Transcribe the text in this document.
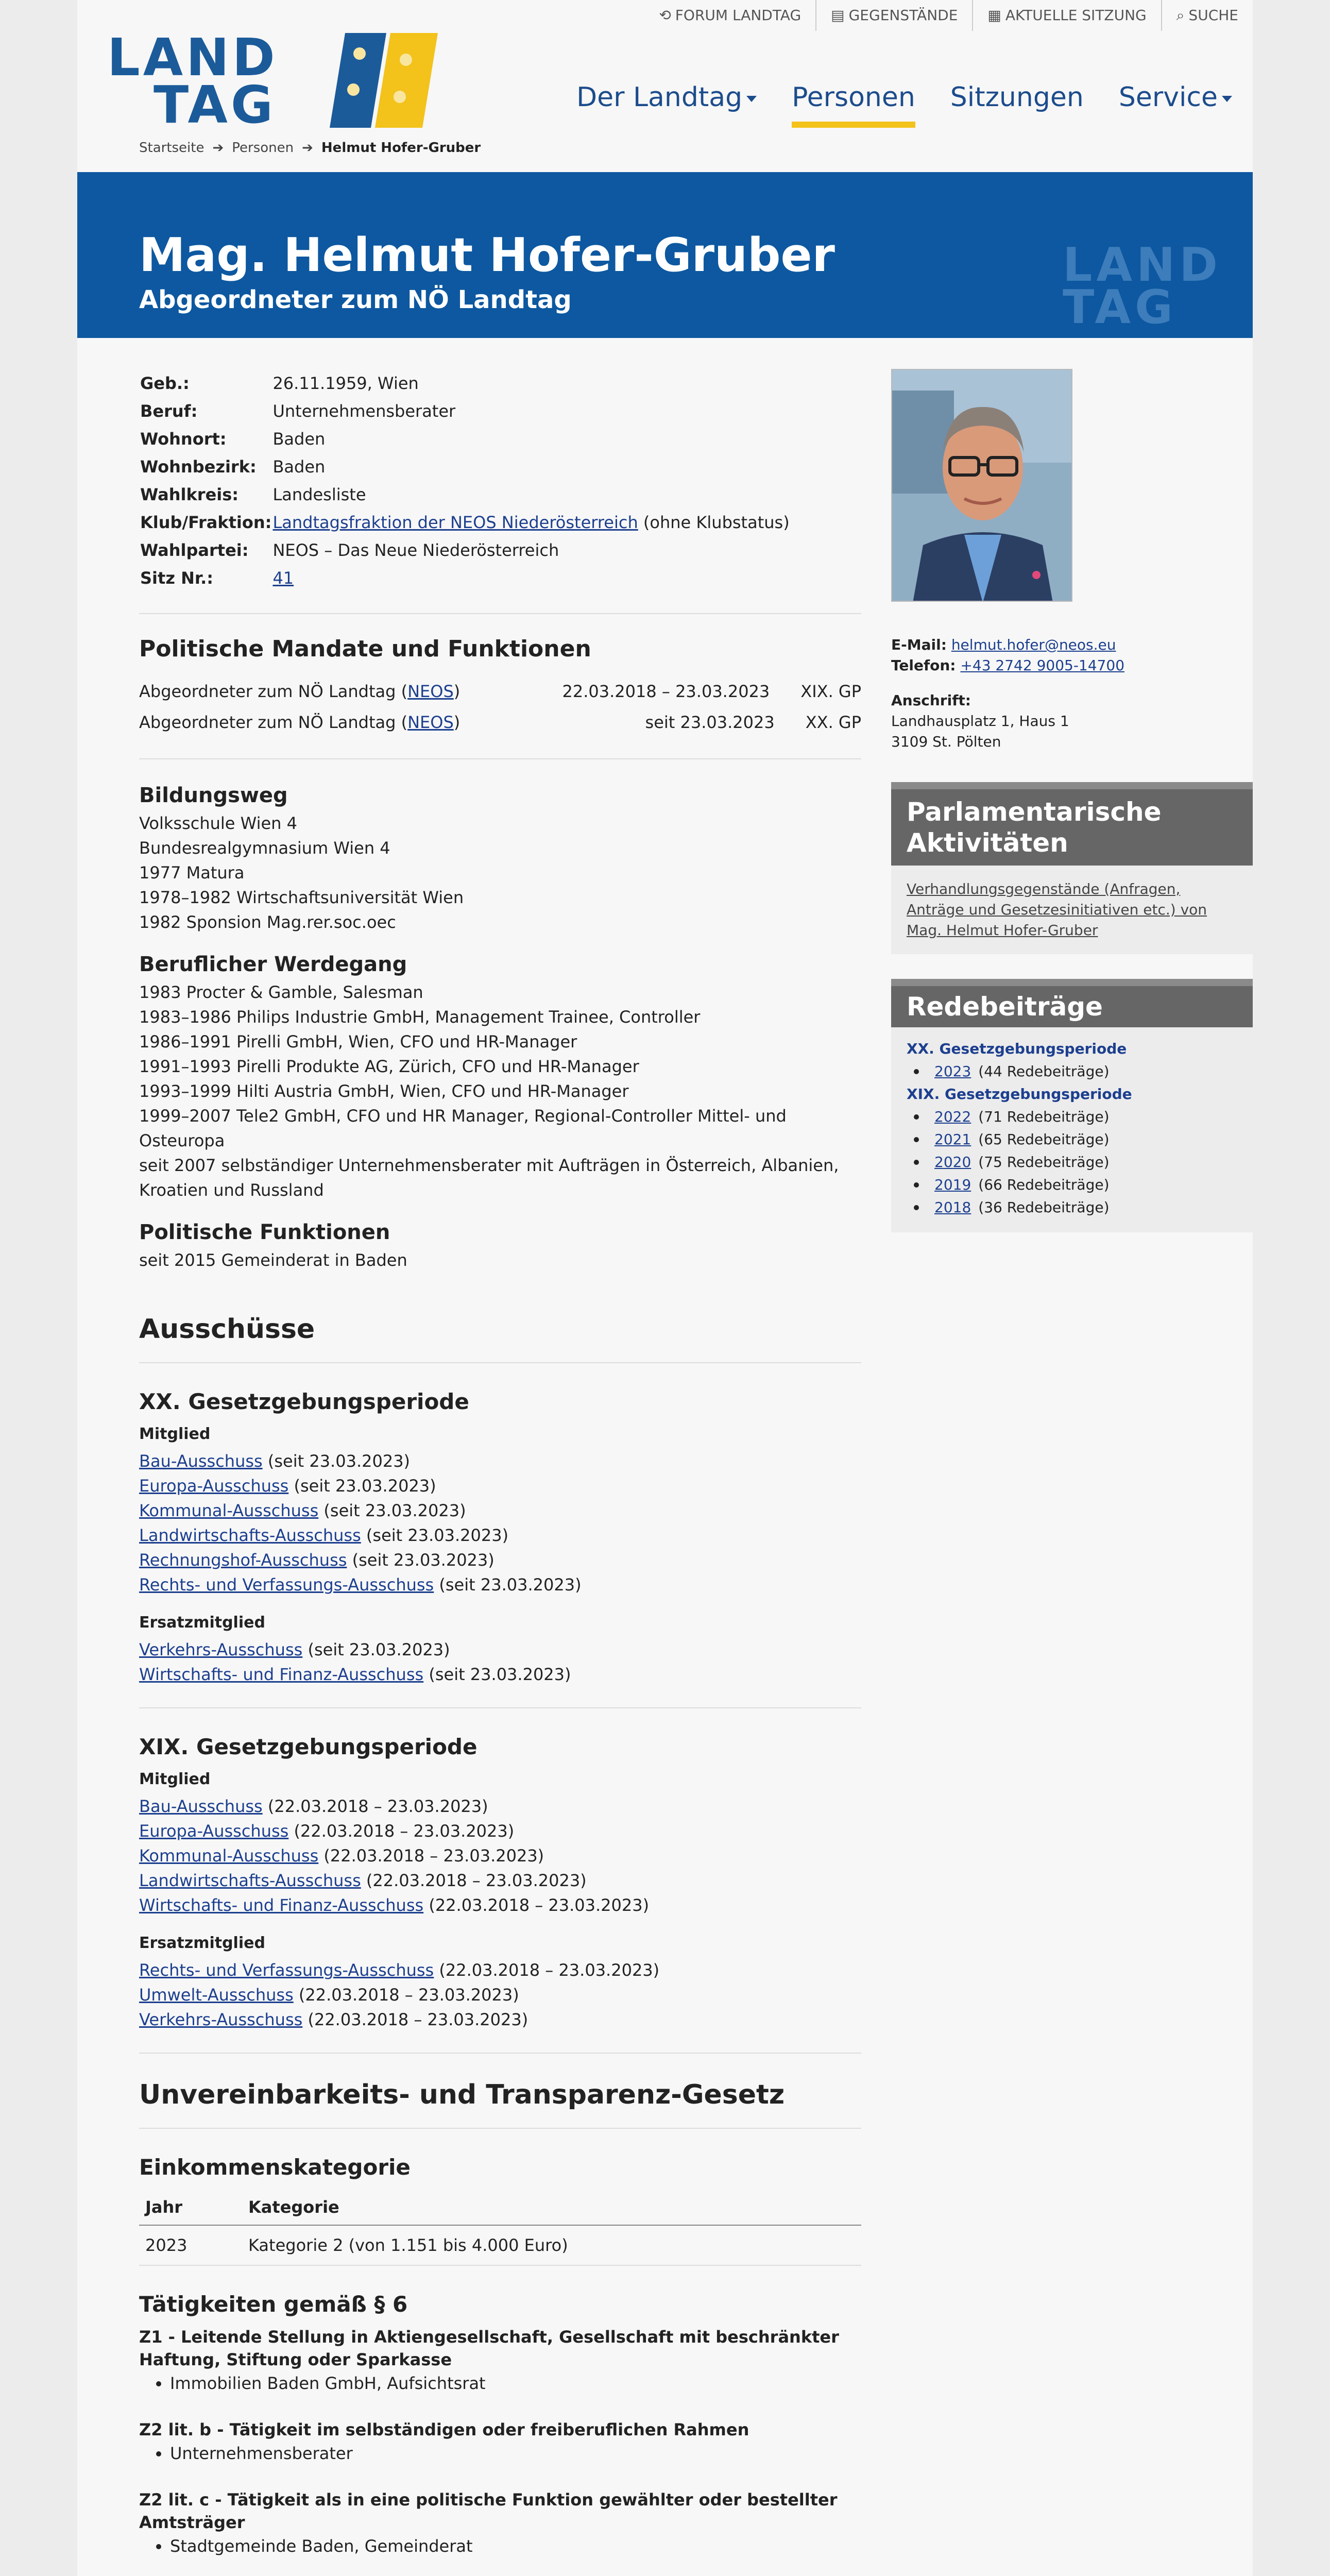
⟲ FORUM LANDTAG ▤ GEGENSTÄNDE ▦ AKTUELLE SITZUNG ⌕ SUCHE
LAND
TAG	Der Landtag Personen Sitzungen Service
Startseite ➔ Personen ➔ Helmut Hofer-Gruber
Mag. Helmut Hofer-Gruber
Abgeordneter zum NÖ Landtag
LAND
TAG
Geb.:	26.11.1959, Wien
Beruf:	Unternehmensberater
Wohnort:	Baden
Wohnbezirk:	Baden
Wahlkreis:	Landesliste
Klub/Fraktion:	Landtagsfraktion der NEOS Niederösterreich (ohne Klubstatus)
Wahlpartei:	NEOS – Das Neue Niederösterreich
Sitz Nr.:	41
Politische Mandate und Funktionen
Abgeordneter zum NÖ Landtag (NEOS)	22.03.2018 – 23.03.2023 XIX. GP
Abgeordneter zum NÖ Landtag (NEOS)	seit 23.03.2023 XX. GP
Bildungsweg
Volksschule Wien 4
Bundesrealgymnasium Wien 4
1977 Matura
1978–1982 Wirtschaftsuniversität Wien
1982 Sponsion Mag.rer.soc.oec
Beruflicher Werdegang
1983 Procter & Gamble, Salesman
1983–1986 Philips Industrie GmbH, Management Trainee, Controller
1986–1991 Pirelli GmbH, Wien, CFO und HR-Manager
1991–1993 Pirelli Produkte AG, Zürich, CFO und HR-Manager
1993–1999 Hilti Austria GmbH, Wien, CFO und HR-Manager
1999–2007 Tele2 GmbH, CFO und HR Manager, Regional-Controller Mittel- und Osteuropa
seit 2007 selbständiger Unternehmensberater mit Aufträgen in Österreich, Albanien, Kroatien und Russland
Politische Funktionen
seit 2015 Gemeinderat in Baden
Ausschüsse
XX. Gesetzgebungsperiode
Mitglied
Bau-Ausschuss (seit 23.03.2023)
Europa-Ausschuss (seit 23.03.2023)
Kommunal-Ausschuss (seit 23.03.2023)
Landwirtschafts-Ausschuss (seit 23.03.2023)
Rechnungshof-Ausschuss (seit 23.03.2023)
Rechts- und Verfassungs-Ausschuss (seit 23.03.2023)
Ersatzmitglied
Verkehrs-Ausschuss (seit 23.03.2023)
Wirtschafts- und Finanz-Ausschuss (seit 23.03.2023)
XIX. Gesetzgebungsperiode
Mitglied
Bau-Ausschuss (22.03.2018 – 23.03.2023)
Europa-Ausschuss (22.03.2018 – 23.03.2023)
Kommunal-Ausschuss (22.03.2018 – 23.03.2023)
Landwirtschafts-Ausschuss (22.03.2018 – 23.03.2023)
Wirtschafts- und Finanz-Ausschuss (22.03.2018 – 23.03.2023)
Ersatzmitglied
Rechts- und Verfassungs-Ausschuss (22.03.2018 – 23.03.2023)
Umwelt-Ausschuss (22.03.2018 – 23.03.2023)
Verkehrs-Ausschuss (22.03.2018 – 23.03.2023)
Unvereinbarkeits- und Transparenz-Gesetz
Einkommenskategorie
Jahr	Kategorie
2023	Kategorie 2 (von 1.151 bis 4.000 Euro)
Tätigkeiten gemäß § 6
Z1 - Leitende Stellung in Aktiengesellschaft, Gesellschaft mit beschränkter Haftung, Stiftung oder Sparkasse
• Immobilien Baden GmbH, Aufsichtsrat
Z2 lit. b - Tätigkeit im selbständigen oder freiberuflichen Rahmen
• Unternehmensberater
Z2 lit. c - Tätigkeit als in eine politische Funktion gewählter oder bestellter Amtsträger
• Stadtgemeinde Baden, Gemeinderat
E-Mail: helmut.hofer@neos.eu
Telefon: +43 2742 9005-14700
Anschrift:
Landhausplatz 1, Haus 1
3109 St. Pölten
Parlamentarische Aktivitäten
Verhandlungsgegenstände (Anfragen, Anträge und Gesetzesinitiativen etc.) von Mag. Helmut Hofer-Gruber
Redebeiträge
XX. Gesetzgebungsperiode
2023 (44 Redebeiträge)
XIX. Gesetzgebungsperiode
2022 (71 Redebeiträge)
2021 (65 Redebeiträge)
2020 (75 Redebeiträge)
2019 (66 Redebeiträge)
2018 (36 Redebeiträge)
